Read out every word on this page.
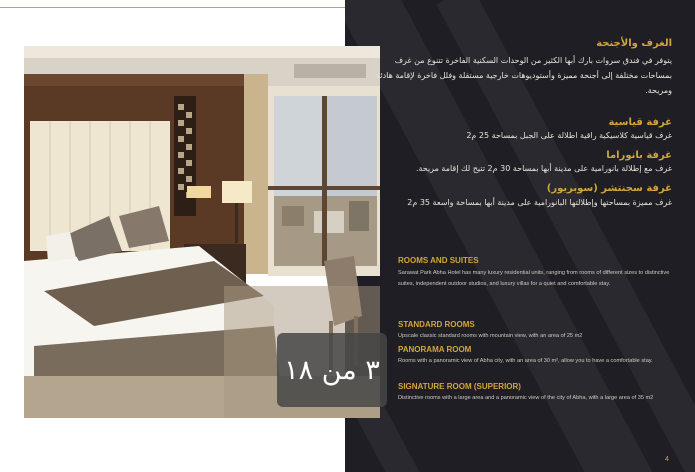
٣ من ١٨
الغرف والأجنحة
يتوفر في فندق سروات بارك أبها الكثير من الوحدات السكنية الفاخرة تتنوع من غرف بمساحات مختلفة إلى أجنحة مميزة وأستوديوهات خارجية مستقلة وفلل فاخرة لإقامة هادئة ومريحة.
غرفة قياسية
غرف قياسية كلاسيكية راقية اطلالة على الجبل بمساحة 25 م2
غرفة بانوراما
غرف مع إطلالة بانورامية على مدينة أبها بمساحة 30 م2 تتيح لك إقامة مريحة.
غرفة سجنتشر (سوبريور)
غرف مميزة بمساحتها وإطلالتها البانورامية على مدينة أبها بمساحة واسعة 35 م2
ROOMS AND SUITES
Sarawat Park Abha Hotel has many luxury residential units, ranging from rooms of different sizes to distinctive suites, independent outdoor studios, and luxury villas for a quiet and comfortable stay.
STANDARD ROOMS
Upscale classic standard rooms with mountain view, with an area of 25 m2
PANORAMA ROOM
Rooms with a panoramic view of Abha city, with an area of 30 m², allow you to have a comfortable stay.
SIGNATURE ROOM (SUPERIOR)
Distinctive rooms with a large area and a panoramic view of the city of Abha, with a large area of 35 m2
4
